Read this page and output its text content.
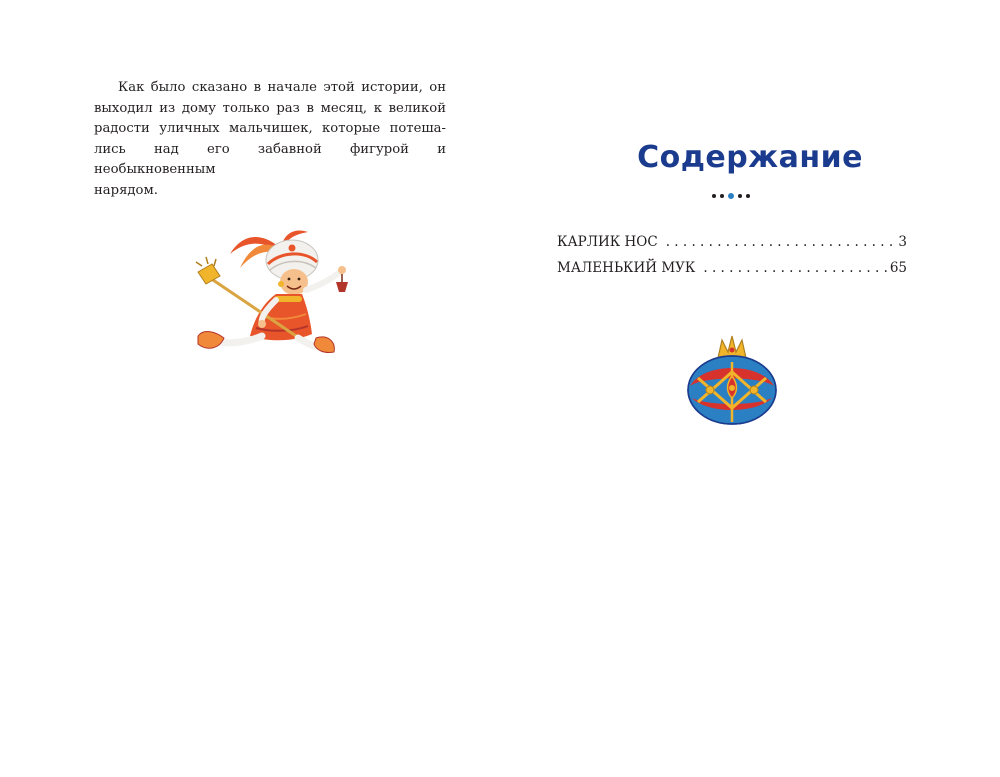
Как было сказано в начале этой истории, он
выходил из дому только раз в месяц, к великой
радости уличных мальчишек, которые потеша-
лись над его забавной фигурой и необыкновенным
нарядом.

Содержание
КАРЛИК НОС . . .	3
МАЛЕНЬКИЙ МУК . . .	65
